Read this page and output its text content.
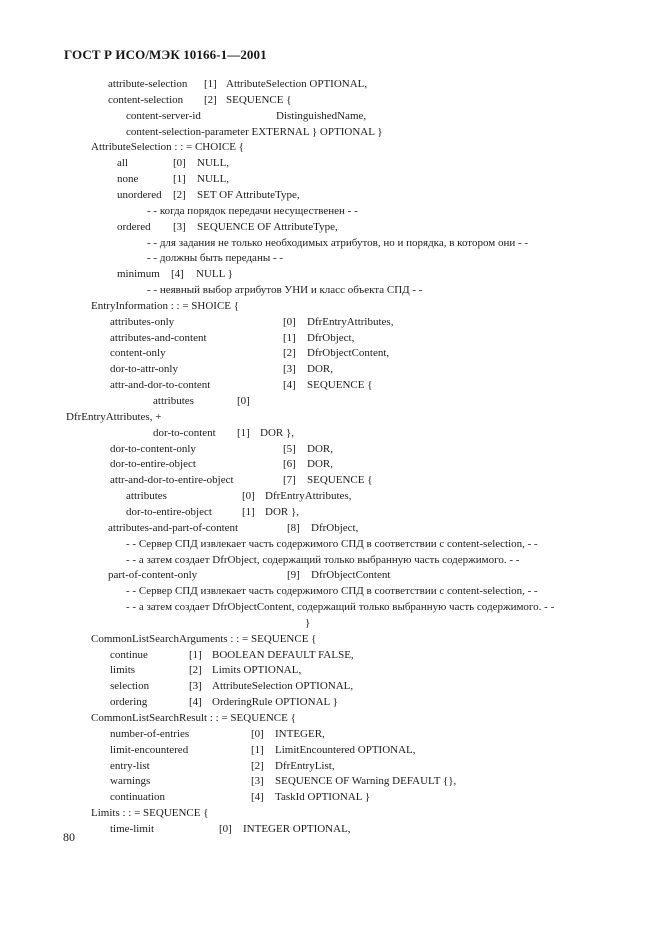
ГОСТ Р ИСО/МЭК 10166-1—2001
attribute-selection [1] AttributeSelection OPTIONAL,
content-selection [2] SEQUENCE {
content-server-id	DistinguishedName,
content-selection-parameter EXTERNAL } OPTIONAL }
AttributeSelection : : = CHOICE {
all	[0] NULL,
none	[1] NULL,
unordered [2] SET OF AttributeType,
- - когда порядок передачи несущественен - -
ordered [3] SEQUENCE OF AttributeType,
- - для задания не только необходимых атрибутов, но и порядка, в котором они - -
- - должны быть переданы - -
minimum [4] NULL }
- - неявный выбор атрибутов УНИ и класс объекта СПД - -
EntryInformation : : = SHOICE {
attributes-only	[0] DfrEntryAttributes,
attributes-and-content	[1] DfrObject,
content-only	[2] DfrObjectContent,
dor-to-attr-only	[3] DOR,
attr-and-dor-to-content	[4] SEQUENCE {
attributes	[0]
DfrEntryAttributes, +
dor-to-content [1] DOR },
dor-to-content-only	[5] DOR,
dor-to-entire-object	[6] DOR,
attr-and-dor-to-entire-object	[7] SEQUENCE {
attributes	[0] DfrEntryAttributes,
dor-to-entire-object	[1] DOR },
attributes-and-part-of-content	[8] DfrObject,
- - Сервер СПД извлекает часть содержимого СПД в соответствии с content-selection, - -
- - а затем создает DfrObject, содержащий только выбранную часть содержимого. - -
part-of-content-only	[9] DfrObjectContent
- - Сервер СПД извлекает часть содержимого СПД в соответствии с content-selection, - -
- - а затем создает DfrObjectContent, содержащий только выбранную часть содержимого. - -
}
CommonListSearchArguments : : = SEQUENCE {
continue	[1] BOOLEAN DEFAULT FALSE,
limits	[2] Limits OPTIONAL,
selection	[3] AttributeSelection OPTIONAL,
ordering	[4] OrderingRule OPTIONAL }
CommonListSearchResult : : = SEQUENCE {
number-of-entries	[0] INTEGER,
limit-encountered	[1] LimitEncountered OPTIONAL,
entry-list	[2] DfrEntryList,
warnings	[3] SEQUENCE OF Warning DEFAULT {},
continuation	[4] TaskId OPTIONAL }
Limits : : = SEQUENCE {
time-limit	[0] INTEGER OPTIONAL,
80
